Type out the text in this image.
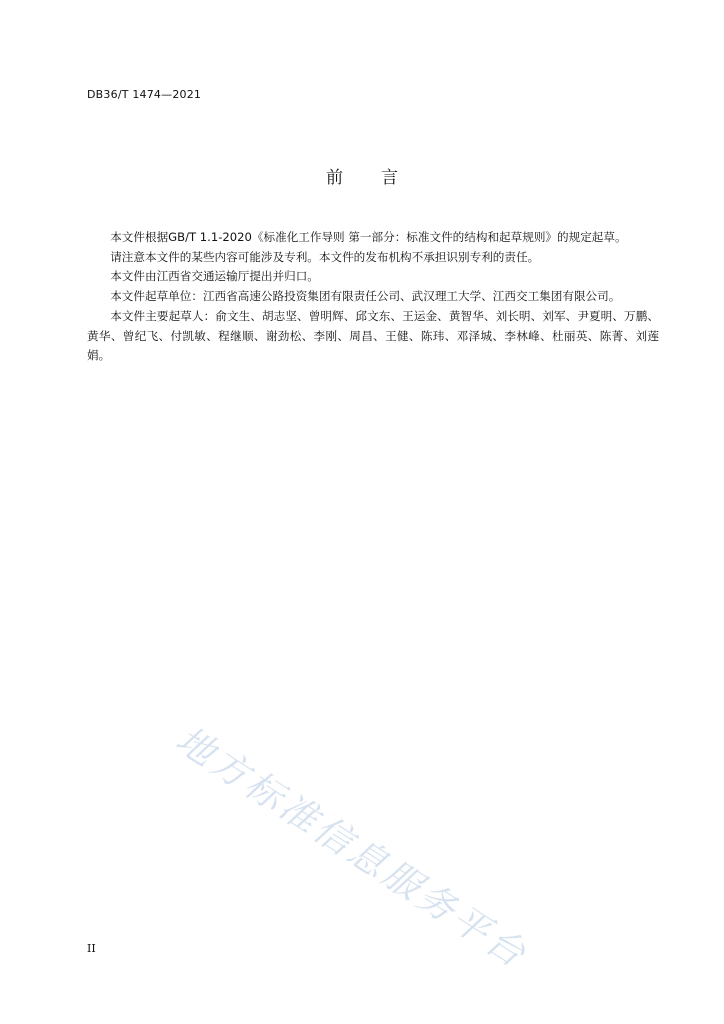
DB36/T 1474—2021
前 言

本文件根据GB/T 1.1-2020《标准化工作导则 第一部分：标准文件的结构和起草规则》的规定起草。

请注意本文件的某些内容可能涉及专利。本文件的发布机构不承担识别专利的责任。

本文件由江西省交通运输厅提出并归口。

本文件起草单位：江西省高速公路投资集团有限责任公司、武汉理工大学、江西交工集团有限公司。

本文件主要起草人：俞文生、胡志坚、曾明辉、邱文东、王运金、黄智华、刘长明、刘军、尹夏明、万鹏、黄华、曾纪飞、付凯敏、程继顺、谢劲松、李刚、周昌、王健、陈玮、邓泽城、李林峰、杜丽英、陈菁、刘莲娟。

地方标准信息服务平台
II
